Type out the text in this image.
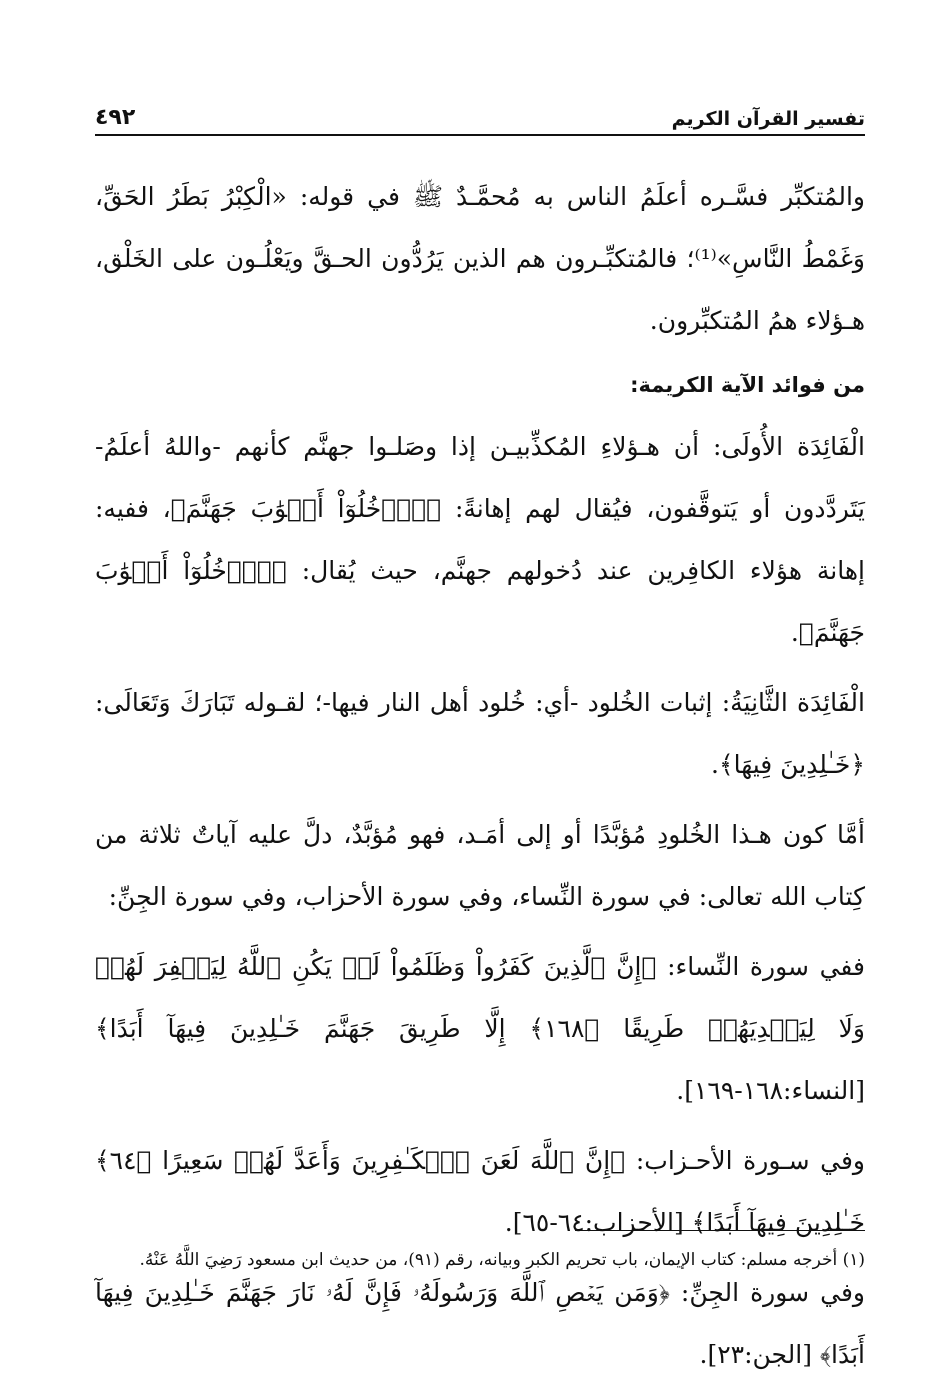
تفسير القرآن الكريم
٤٩٢

والمُتكبِّر فسَّـره أعلَمُ الناس به مُحمَّـدٌ ﷺ في قوله: «الْكِبْرُ بَطَرُ الحَقِّ، وَغَمْطُ النَّاسِ»⁽¹⁾؛ فالمُتكبِّـرون هم الذين يَرُدُّون الحـقَّ ويَعْلُـون على الخَلْق، هـؤلاء همُ المُتكبِّرون.

من فوائد الآية الكريمة:

الْفَائِدَة الأُولَى: أن هـؤلاءِ المُكذِّبيـن إذا وصَلـوا جهنَّم كأنهم -واللهُ أعلَمُ- يَتَردَّدون أو يَتوقَّفون، فيُقال لهم إهانةً: ﴿ٱدۡخُلُوٓاْ أَبۡوَٰبَ جَهَنَّمَ﴾، ففيه: إهانة هؤلاء الكافِرين عند دُخولهم جهنَّم، حيث يُقال: ﴿ٱدۡخُلُوٓاْ أَبۡوَٰبَ جَهَنَّمَ﴾.

الْفَائِدَة الثَّانِيَةُ: إثبات الخُلود -أي: خُلود أهل النار فيها-؛ لقـوله تَبَارَكَ وَتَعَالَى: ﴿خَـٰلِدِينَ فِيهَا﴾.

أمَّا كون هـذا الخُلودِ مُؤبَّدًا أو إلى أمَـد، فهو مُؤبَّدٌ، دلَّ عليه آياتٌ ثلاثة من كِتاب الله تعالى: في سورة النِّساء، وفي سورة الأحزاب، وفي سورة الجِنِّ:

ففي سورة النِّساء: ﴿إِنَّ ٱلَّذِينَ كَفَرُواْ وَظَلَمُواْ لَمۡ يَكُنِ ٱللَّهُ لِيَغۡفِرَ لَهُمۡ وَلَا لِيَهۡدِيَهُمۡ طَرِيقًا ﴿١٦٨﴾ إِلَّا طَرِيقَ جَهَنَّمَ خَـٰلِدِينَ فِيهَآ أَبَدًا﴾ [النساء:١٦٨-١٦٩].

وفي سـورة الأحـزاب: ﴿إِنَّ ٱللَّهَ لَعَنَ ٱلۡكَـٰفِرِينَ وَأَعَدَّ لَهُمۡ سَعِيرًا ﴿٦٤﴾ خَـٰلِدِينَ فِيهَآ أَبَدًا﴾ [الأحزاب:٦٤-٦٥].

وفي سورة الجِنِّ: ﴿وَمَن يَعۡصِ ٱللَّهَ وَرَسُولَهُۥ فَإِنَّ لَهُۥ نَارَ جَهَنَّمَ خَـٰلِدِينَ فِيهَآ أَبَدًا﴾ [الجن:٢٣].

(١) أخرجه مسلم: كتاب الإيمان، باب تحريم الكبر وبيانه، رقم (٩١)، من حديث ابن مسعود رَضِيَ اللَّهُ عَنْهُ.
